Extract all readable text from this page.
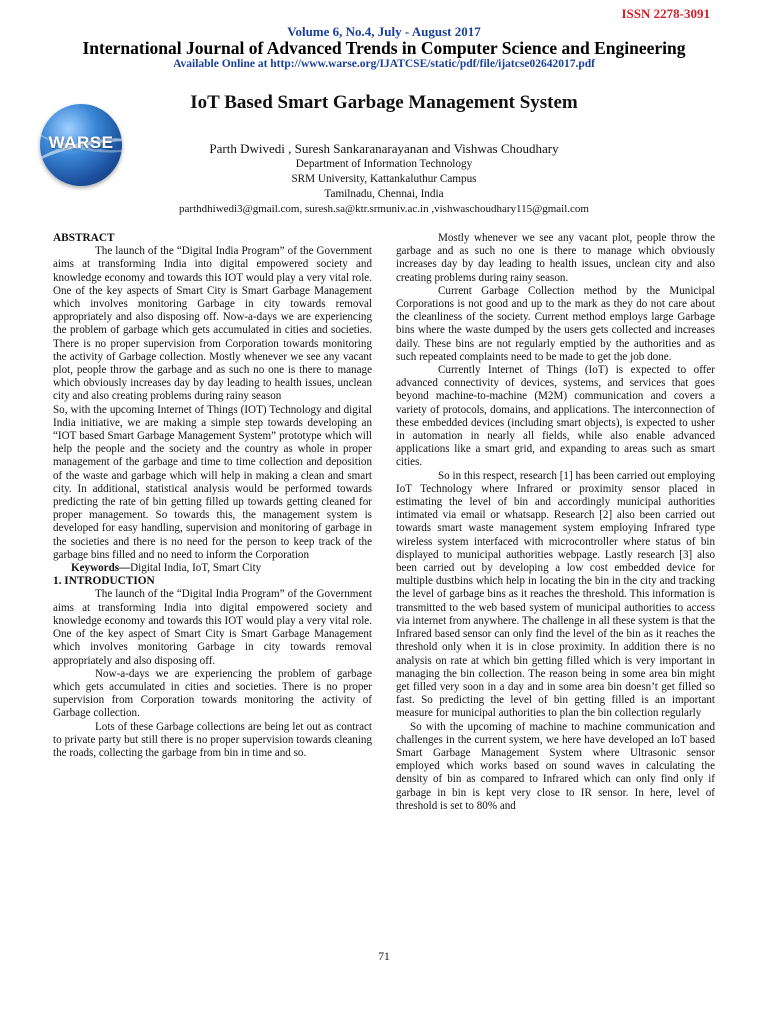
ISSN 2278-3091
Volume 6, No.4, July - August 2017
International Journal of Advanced Trends in Computer Science and Engineering
Available Online at http://www.warse.org/IJATCSE/static/pdf/file/ijatcse02642017.pdf
WARSE
IoT Based Smart Garbage Management System
Parth Dwivedi , Suresh Sankaranarayanan and Vishwas Choudhary
Department of Information Technology
SRM University, Kattankaluthur Campus
Tamilnadu, Chennai, India
parthdhiwedi3@gmail.com, suresh.sa@ktr.srmuniv.ac.in ,vishwaschoudhary115@gmail.com

ABSTRACT

The launch of the “Digital India Program” of the Government aims at transforming India into digital empowered society and knowledge economy and towards this IOT would play a very vital role. One of the key aspects of Smart City is Smart Garbage Management which involves monitoring Garbage in city towards removal appropriately and also disposing off. Now-a-days we are experiencing the problem of garbage which gets accumulated in cities and societies. There is no proper supervision from Corporation towards monitoring the activity of Garbage collection. Mostly whenever we see any vacant plot, people throw the garbage and as such no one is there to manage which obviously increases day by day leading to health issues, unclean city and also creating problems during rainy season

So, with the upcoming Internet of Things (IOT) Technology and digital India initiative, we are making a simple step towards developing an “IOT based Smart Garbage Management System” prototype which will help the people and the society and the country as whole in proper management of the garbage and time to time collection and deposition of the waste and garbage which will help in making a clean and smart city. In additional, statistical analysis would be performed towards predicting the rate of bin getting filled up towards getting cleaned for proper management. So towards this, the management system is developed for easy handling, supervision and monitoring of garbage in the societies and there is no need for the person to keep track of the garbage bins filled and no need to inform the Corporation

Keywords—Digital India, IoT, Smart City

1. INTRODUCTION

The launch of the “Digital India Program” of the Government aims at transforming India into digital empowered society and knowledge economy and towards this IOT would play a very vital role. One of the key aspect of Smart City is Smart Garbage Management which involves monitoring Garbage in city towards removal appropriately and also disposing off.

Now-a-days we are experiencing the problem of garbage which gets accumulated in cities and societies. There is no proper supervision from Corporation towards monitoring the activity of Garbage collection.

Lots of these Garbage collections are being let out as contract to private party but still there is no proper supervision towards cleaning the roads, collecting the garbage from bin in time and so.

Mostly whenever we see any vacant plot, people throw the garbage and as such no one is there to manage which obviously increases day by day leading to health issues, unclean city and also creating problems during rainy season.

Current Garbage Collection method by the Municipal Corporations is not good and up to the mark as they do not care about the cleanliness of the society. Current method employs large Garbage bins where the waste dumped by the users gets collected and increases daily. These bins are not regularly emptied by the authorities and as such repeated complaints need to be made to get the job done.

Currently Internet of Things (IoT) is expected to offer advanced connectivity of devices, systems, and services that goes beyond machine-to-machine (M2M) communication and covers a variety of protocols, domains, and applications. The interconnection of these embedded devices (including smart objects), is expected to usher in automation in nearly all fields, while also enable advanced applications like a smart grid, and expanding to areas such as smart cities.

So in this respect, research [1] has been carried out employing IoT Technology where Infrared or proximity sensor placed in estimating the level of bin and accordingly municipal authorities intimated via email or whatsapp. Research [2] also been carried out towards smart waste management system employing Infrared type wireless system interfaced with microcontroller where status of bin displayed to municipal authorities webpage. Lastly research [3] also been carried out by developing a low cost embedded device for multiple dustbins which help in locating the bin in the city and tracking the level of garbage bins as it reaches the threshold. This information is transmitted to the web based system of municipal authorities to access via internet from anywhere. The challenge in all these system is that the Infrared based sensor can only find the level of the bin as it reaches the threshold only when it is in close proximity. In addition there is no analysis on rate at which bin getting filled which is very important in managing the bin collection. The reason being in some area bin might get filled very soon in a day and in some area bin doesn’t get filled so fast. So predicting the level of bin getting filled is an important measure for municipal authorities to plan the bin collection regularly

So with the upcoming of machine to machine communication and challenges in the current system, we here have developed an IoT based Smart Garbage Management System where Ultrasonic sensor employed which works based on sound waves in calculating the density of bin as compared to Infrared which can only find only if garbage in bin is kept very close to IR sensor. In here, level of threshold is set to 80% and

71
